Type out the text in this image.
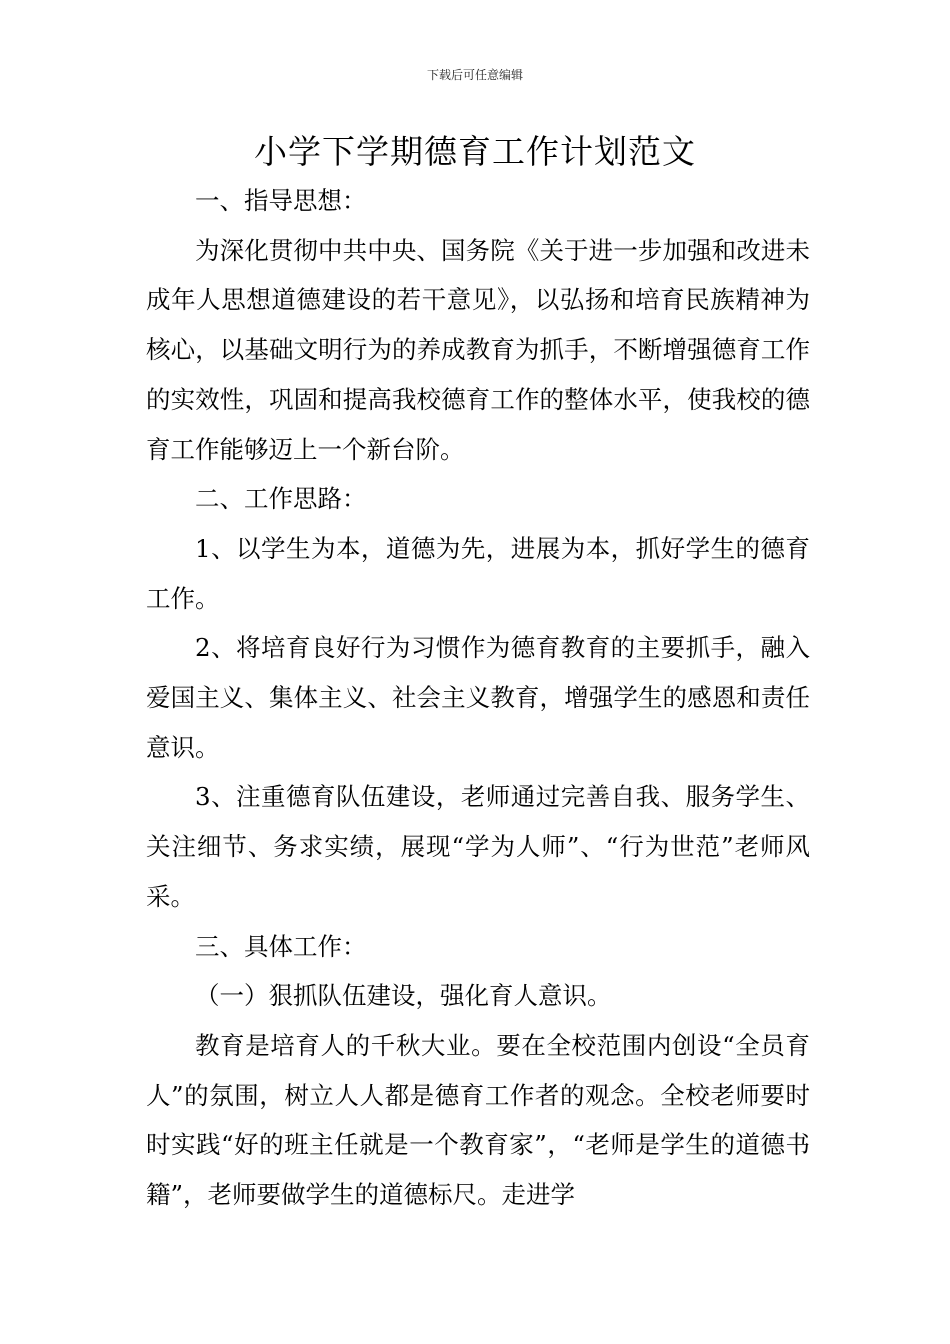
下载后可任意编辑
小学下学期德育工作计划范文

一、指导思想：

为深化贯彻中共中央、国务院《关于进一步加强和改进未成年人思想道德建设的若干意见》，以弘扬和培育民族精神为核心，以基础文明行为的养成教育为抓手，不断增强德育工作的实效性，巩固和提高我校德育工作的整体水平，使我校的德育工作能够迈上一个新台阶。

二、工作思路：

1、以学生为本，道德为先，进展为本，抓好学生的德育工作。

2、将培育良好行为习惯作为德育教育的主要抓手，融入爱国主义、集体主义、社会主义教育，增强学生的感恩和责任意识。

3、注重德育队伍建设，老师通过完善自我、服务学生、关注细节、务求实绩，展现“学为人师”、“行为世范”老师风采。

三、具体工作：

（一）狠抓队伍建设，强化育人意识。

教育是培育人的千秋大业。要在全校范围内创设“全员育人”的氛围，树立人人都是德育工作者的观念。全校老师要时时实践“好的班主任就是一个教育家”，“老师是学生的道德书籍”，老师要做学生的道德标尺。走进学
